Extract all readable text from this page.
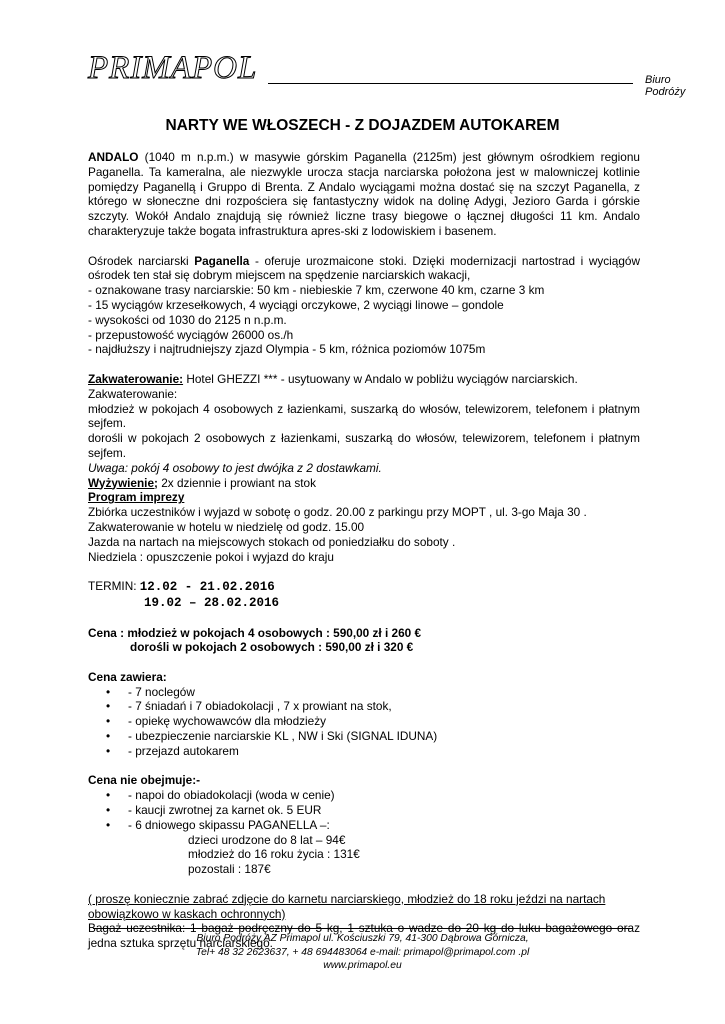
PRIMAPOL	Biuro Podróży
NARTY WE WŁOSZECH - Z DOJAZDEM AUTOKAREM

ANDALO (1040 m n.p.m.) w masywie górskim Paganella (2125m) jest głównym ośrodkiem regionu Paganella. Ta kameralna, ale niezwykle urocza stacja narciarska położona jest w malowniczej kotlinie pomiędzy Paganellą i Gruppo di Brenta. Z Andalo wyciągami można dostać się na szczyt Paganella, z którego w słoneczne dni rozpościera się fantastyczny widok na dolinę Adygi, Jezioro Garda i górskie szczyty. Wokół Andalo znajdują się również liczne trasy biegowe o łącznej długości 11 km. Andalo charakteryzuje także bogata infrastruktura apres-ski z lodowiskiem i basenem.

Ośrodek narciarski Paganella - oferuje urozmaicone stoki. Dzięki modernizacji nartostrad i wyciągów ośrodek ten stał się dobrym miejscem na spędzenie narciarskich wakacji,

- oznakowane trasy narciarskie: 50 km - niebieskie 7 km, czerwone 40 km, czarne 3 km

- 15 wyciągów krzesełkowych, 4 wyciągi orczykowe, 2 wyciągi linowe – gondole

- wysokości od 1030 do 2125 n n.p.m.

- przepustowość wyciągów 26000 os./h

- najdłuższy i najtrudniejszy zjazd Olympia - 5 km, różnica poziomów 1075m

Zakwaterowanie: Hotel GHEZZI *** - usytuowany w Andalo w pobliżu wyciągów narciarskich.

Zakwaterowanie:

młodzież w pokojach 4 osobowych z łazienkami, suszarką do włosów, telewizorem, telefonem i płatnym sejfem.

dorośli w pokojach 2 osobowych z łazienkami, suszarką do włosów, telewizorem, telefonem i płatnym sejfem.

Uwaga: pokój 4 osobowy to jest dwójka z 2 dostawkami.

Wyżywienie; 2x dziennie i prowiant na stok

Program imprezy

Zbiórka uczestników i wyjazd w sobotę o godz. 20.00 z parkingu przy MOPT , ul. 3-go Maja 30 .

Zakwaterowanie w hotelu w niedzielę od godz. 15.00

Jazda na nartach na miejscowych stokach od poniedziałku do soboty .

Niedziela : opuszczenie pokoi i wyjazd do kraju

TERMIN: 12.02 - 21.02.2016

19.02 – 28.02.2016

Cena : młodzież w pokojach 4 osobowych : 590,00 zł i 260 €

dorośli w pokojach 2 osobowych : 590,00 zł i 320 €

Cena zawiera:

• - 7 noclegów
• - 7 śniadań i 7 obiadokolacji , 7 x prowiant na stok,
• - opiekę wychowawców dla młodzieży
• - ubezpieczenie narciarskie KL , NW i Ski (SIGNAL IDUNA)
• - przejazd autokarem

Cena nie obejmuje:-

• - napoi do obiadokolacji (woda w cenie)
• - kaucji zwrotnej za karnet ok. 5 EUR
• - 6 dniowego skipassu PAGANELLA –:

dzieci urodzone do 8 lat – 94€

młodzież do 16 roku życia : 131€

pozostali : 187€

( proszę koniecznie zabrać zdjęcie do karnetu narciarskiego, młodzież do 18 roku jeździ na nartach

obowiązkowo w kaskach ochronnych)

Bagaż uczestnika: 1 bagaż podręczny do 5 kg, 1 sztuka o wadze do 20 kg do luku bagażowego oraz jedna sztuka sprzętu narciarskiego.

Biuro Podróży AZ Primapol ul. Kościuszki 79, 41-300 Dąbrowa Górnicza,
Tel+ 48 32 2623637, + 48 694483064 e-mail: primapol@primapol.com .pl
www.primapol.eu
